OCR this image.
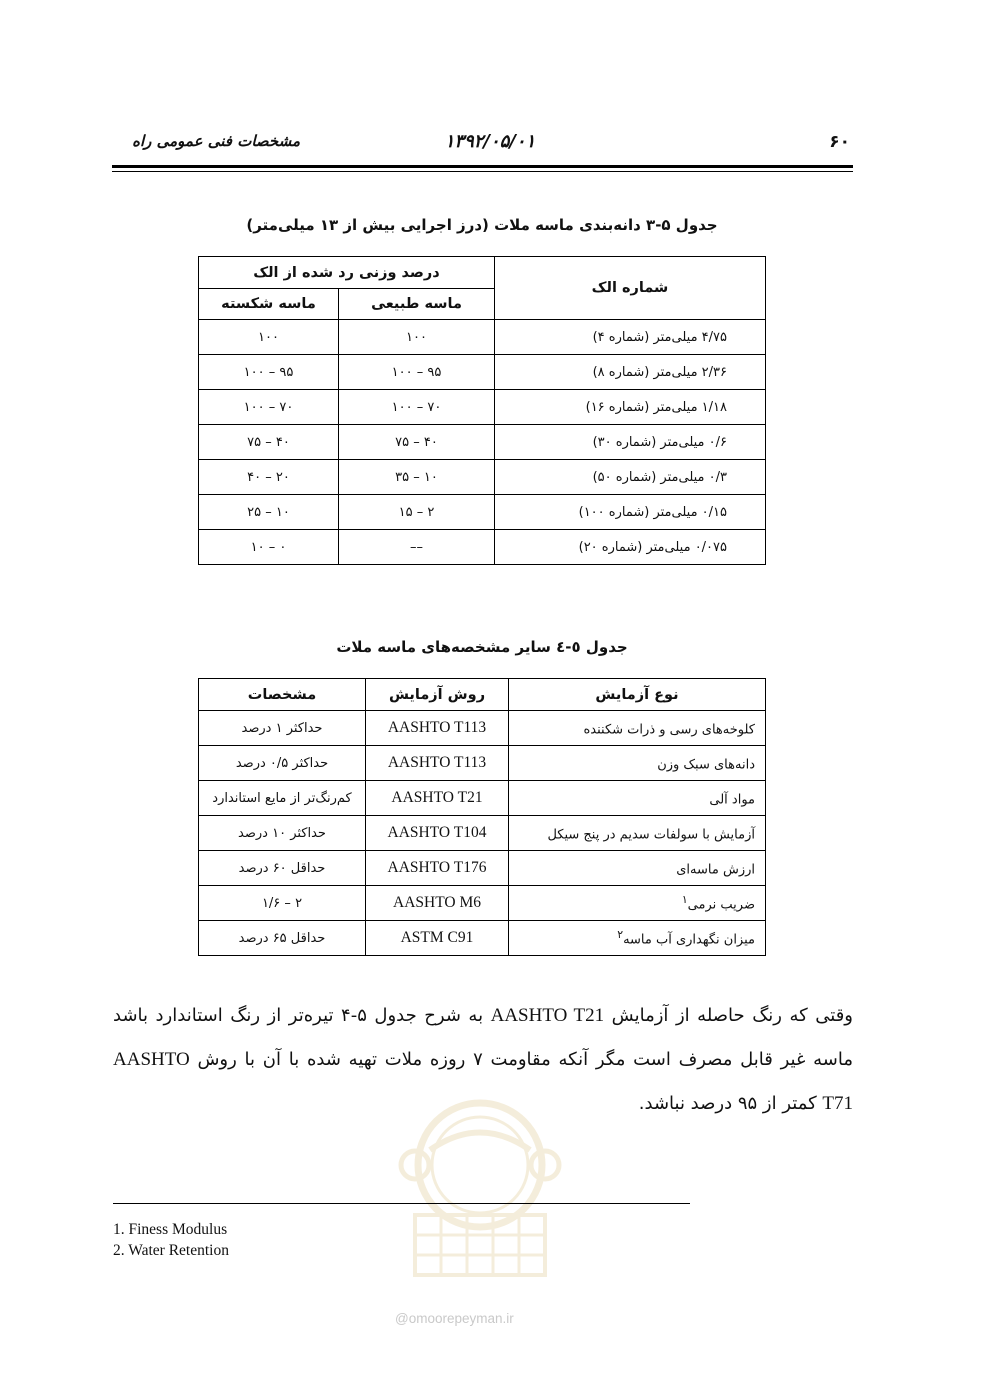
۶۰
۱۳۹۲/۰۵/۰۱
مشخصات فنی عمومی راه
جدول ۵-۳ دانه‌بندی ماسه ملات (درز اجرایی بیش از ۱۳ میلی‌متر)
شماره الک	درصد وزنی رد شده از الک	
	ماسه طبیعی	ماسه شکسته
۴/۷۵ میلی‌متر (شماره ۴)	۱۰۰	۱۰۰
۲/۳۶ میلی‌متر (شماره ۸)	۹۵ – ۱۰۰	۹۵ – ۱۰۰
۱/۱۸ میلی‌متر (شماره ۱۶)	۷۰ – ۱۰۰	۷۰ – ۱۰۰
۰/۶ میلی‌متر (شماره ۳۰)	۴۰ – ۷۵	۴۰ – ۷۵
۰/۳ میلی‌متر (شماره ۵۰)	۱۰ – ۳۵	۲۰ – ۴۰
۰/۱۵ میلی‌متر (شماره ۱۰۰)	۲ – ۱۵	۱۰ – ۲۵
۰/۰۷۵ میلی‌متر (شماره ۲۰)	––	۰ – ۱۰
جدول ٥-٤ سایر مشخصه‌های ماسه ملات
نوع آزمایش	روش آزمایش	مشخصات
کلوخه‌های رسی و ذرات شکننده	AASHTO T113	حداکثر ۱ درصد
دانه‌های سبک وزن	AASHTO T113	حداکثر ۰/۵ درصد
مواد آلی	AASHTO T21	کم‌رنگ‌تر از مایع استاندارد
آزمایش با سولفات سدیم در پنج سیکل	AASHTO T104	حداکثر ۱۰ درصد
ارزش ماسه‌ای	AASHTO T176	حداقل ۶۰ درصد
ضریب نرمی$^۱$	AASHTO M6	۲ – ۱/۶
میزان نگهداری آب ماسه$^۲$	ASTM C91	حداقل ۶۵ درصد
وقتی که رنگ حاصله از آزمایش AASHTO T21 به شرح جدول ۵-۴ تیره‌تر از رنگ استاندارد باشد ماسه غیر قابل مصرف است مگر آنکه مقاومت ۷ روزه ملات تهیه شده با آن با روش AASHTO T71 کمتر از ۹۵ درصد نباشد.
1. Finess Modulus
2. Water Retention
@omoorepeyman.ir
